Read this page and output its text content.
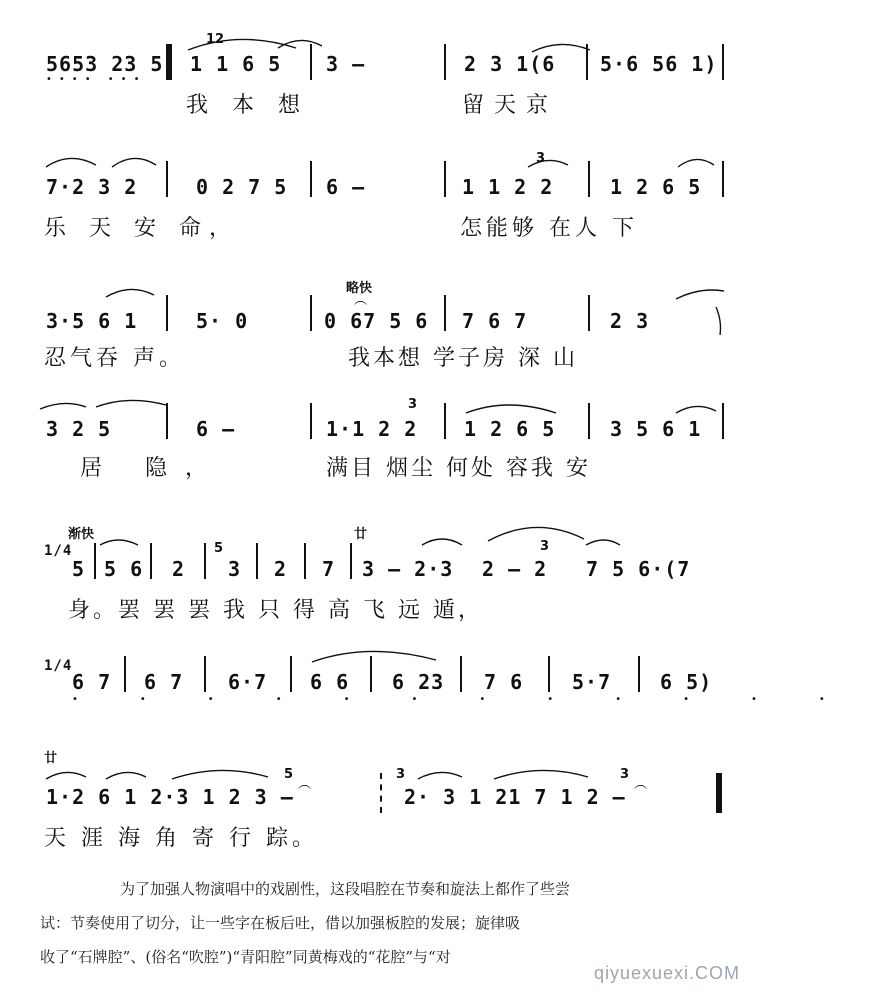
5653 23 5)
12
1 1 6 5 3 —	2 3 1(6 5·6 56 1)
•••• •••
我本想	留天京
7·2 3 2	0 2 7 5 6 —
3
1 1 2 2	1 2 6 5
乐 天 安 命，	怎能够 在人 下
略快
︵
3·5 6 1	5· 0	0 67 5 6 7 6 7	2 3
忍气吞 声。	我本想 学子房 深 山
3 2 5	6 —
3
1·1 2 2 1 2 6 5	3 5 6 1
居 隐，	满目 烟尘 何处 容我 安
渐快	廿
1/4
5 5 6 2
5
3 2 7 3 — 2·3
3
2 — 2 7 5 6·(7
身。罢 罢 罢 我 只 得 高 飞 远 遁，
1/4
6 7 6 7 6·7 6 6 6 23 7 6 5·7 6 5)
••••••••••••
廿
5
︵
1·2 6 1 2·3 1 2 3 —
3	3
︵
2· 3 1 21 7 1 2 —
天 涯 海 角 寄 行 踪。

为了加强人物演唱中的戏剧性，这段唱腔在节奏和旋法上都作了些尝

试：节奏使用了切分，让一些字在板后吐，借以加强板腔的发展；旋律吸

收了“石牌腔”、(俗名“吹腔”)“青阳腔”同黄梅戏的“花腔”与“对

qiyuexuexi.COM
